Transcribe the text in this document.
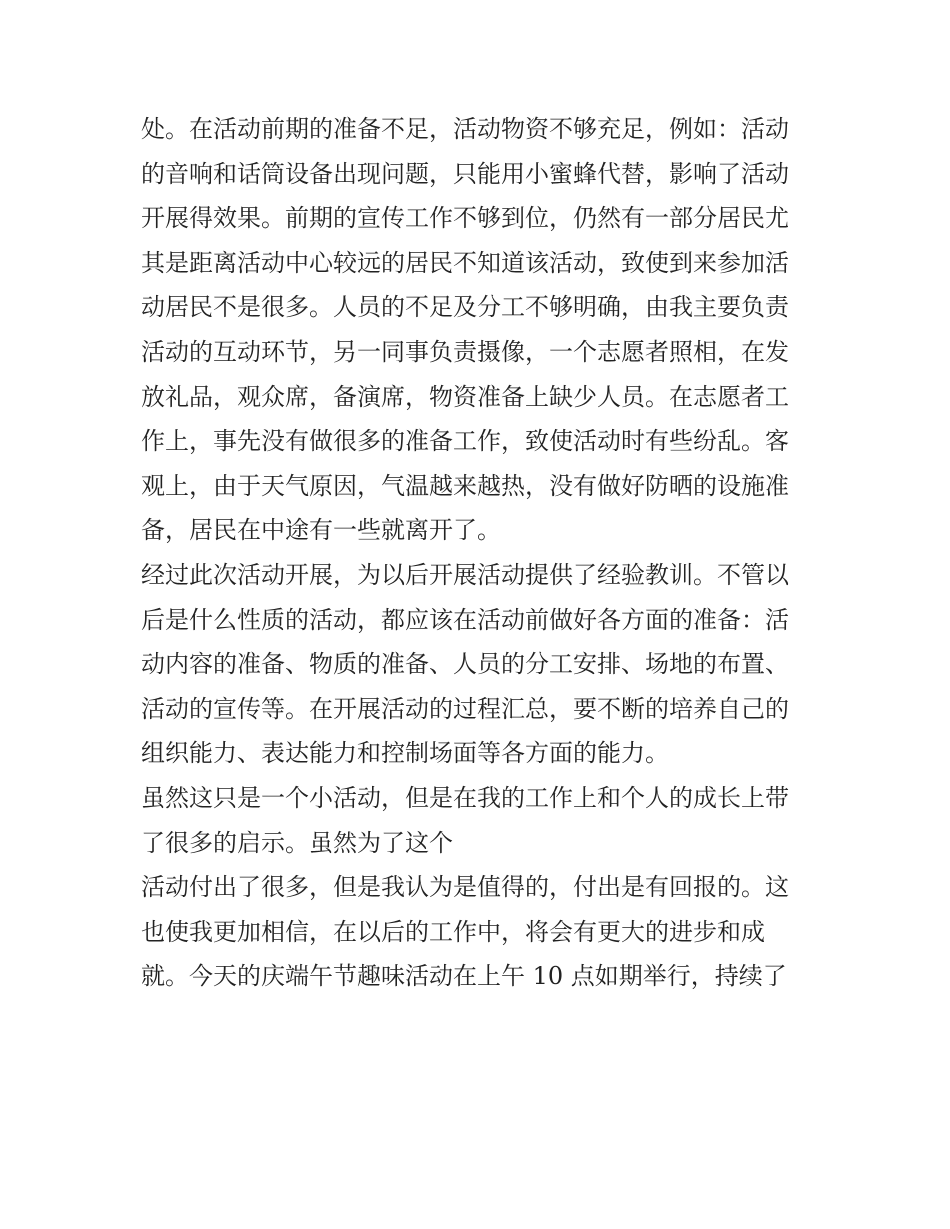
处。在活动前期的准备不足，活动物资不够充足，例如：活动
的音响和话筒设备出现问题，只能用小蜜蜂代替，影响了活动
开展得效果。前期的宣传工作不够到位，仍然有一部分居民尤
其是距离活动中心较远的居民不知道该活动，致使到来参加活
动居民不是很多。人员的不足及分工不够明确，由我主要负责
活动的互动环节，另一同事负责摄像，一个志愿者照相，在发
放礼品，观众席，备演席，物资准备上缺少人员。在志愿者工
作上，事先没有做很多的准备工作，致使活动时有些纷乱。客
观上，由于天气原因，气温越来越热，没有做好防晒的设施准
备，居民在中途有一些就离开了。
经过此次活动开展，为以后开展活动提供了经验教训。不管以
后是什么性质的活动，都应该在活动前做好各方面的准备：活
动内容的准备、物质的准备、人员的分工安排、场地的布置、
活动的宣传等。在开展活动的过程汇总，要不断的培养自己的
组织能力、表达能力和控制场面等各方面的能力。
虽然这只是一个小活动，但是在我的工作上和个人的成长上带
了很多的启示。虽然为了这个
活动付出了很多，但是我认为是值得的，付出是有回报的。这
也使我更加相信，在以后的工作中，将会有更大的进步和成
就。今天的庆端午节趣味活动在上午 10 点如期举行，持续了
